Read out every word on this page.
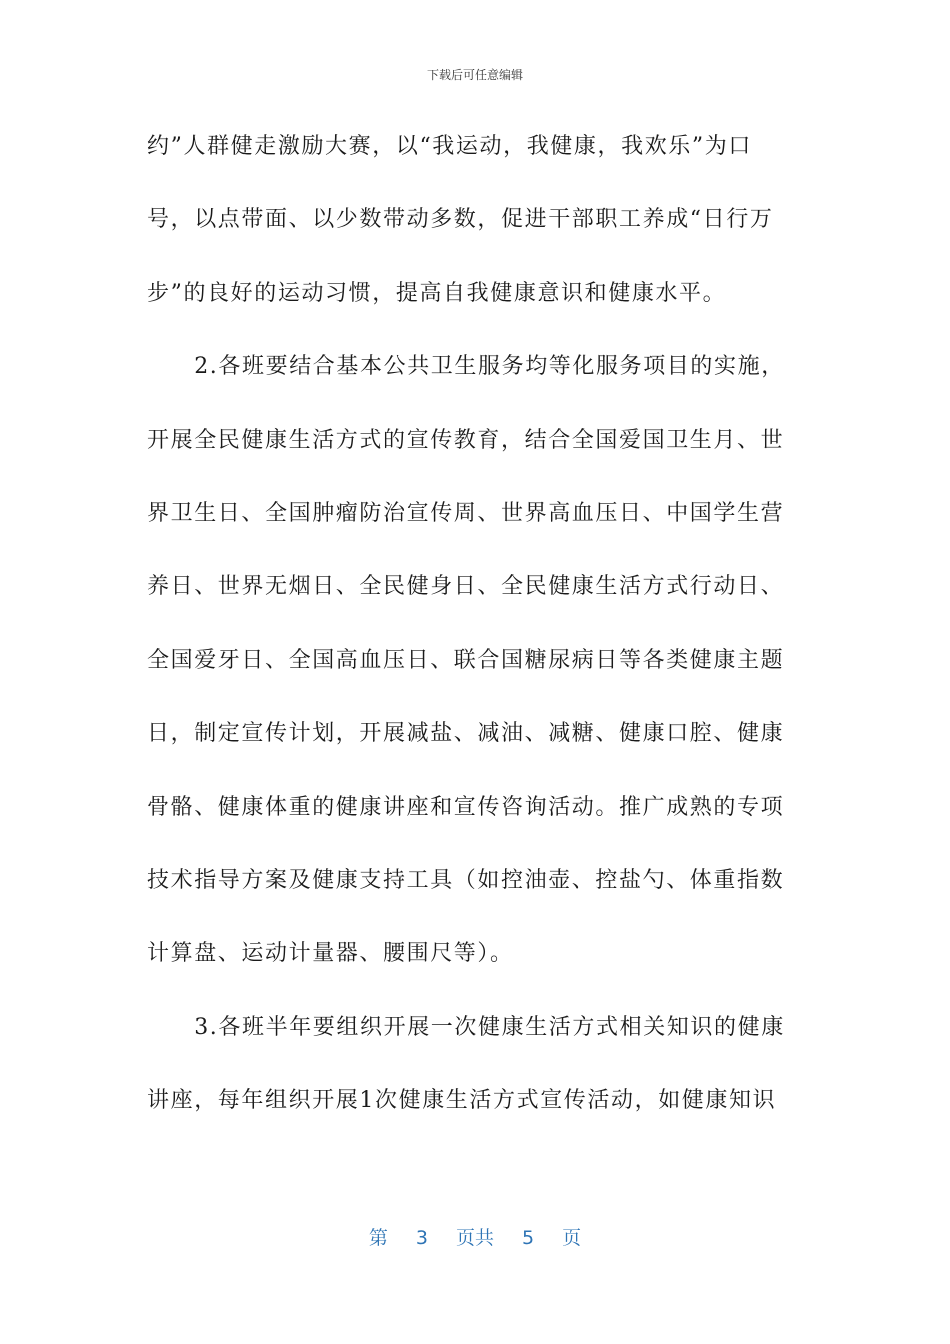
下载后可任意编辑
约”人群健走激励大赛，以“我运动，我健康，我欢乐”为口
号，以点带面、以少数带动多数，促进干部职工养成“日行万
步”的良好的运动习惯，提高自我健康意识和健康水平。
　　2.各班要结合基本公共卫生服务均等化服务项目的实施，
开展全民健康生活方式的宣传教育，结合全国爱国卫生月、世
界卫生日、全国肿瘤防治宣传周、世界高血压日、中国学生营
养日、世界无烟日、全民健身日、全民健康生活方式行动日、
全国爱牙日、全国高血压日、联合国糖尿病日等各类健康主题
日，制定宣传计划，开展减盐、减油、减糖、健康口腔、健康
骨骼、健康体重的健康讲座和宣传咨询活动。推广成熟的专项
技术指导方案及健康支持工具（如控油壶、控盐勺、体重指数
计算盘、运动计量器、腰围尺等）。
　　3.各班半年要组织开展一次健康生活方式相关知识的健康
讲座，每年组织开展1次健康生活方式宣传活动，如健康知识
第 3 页共 5 页
